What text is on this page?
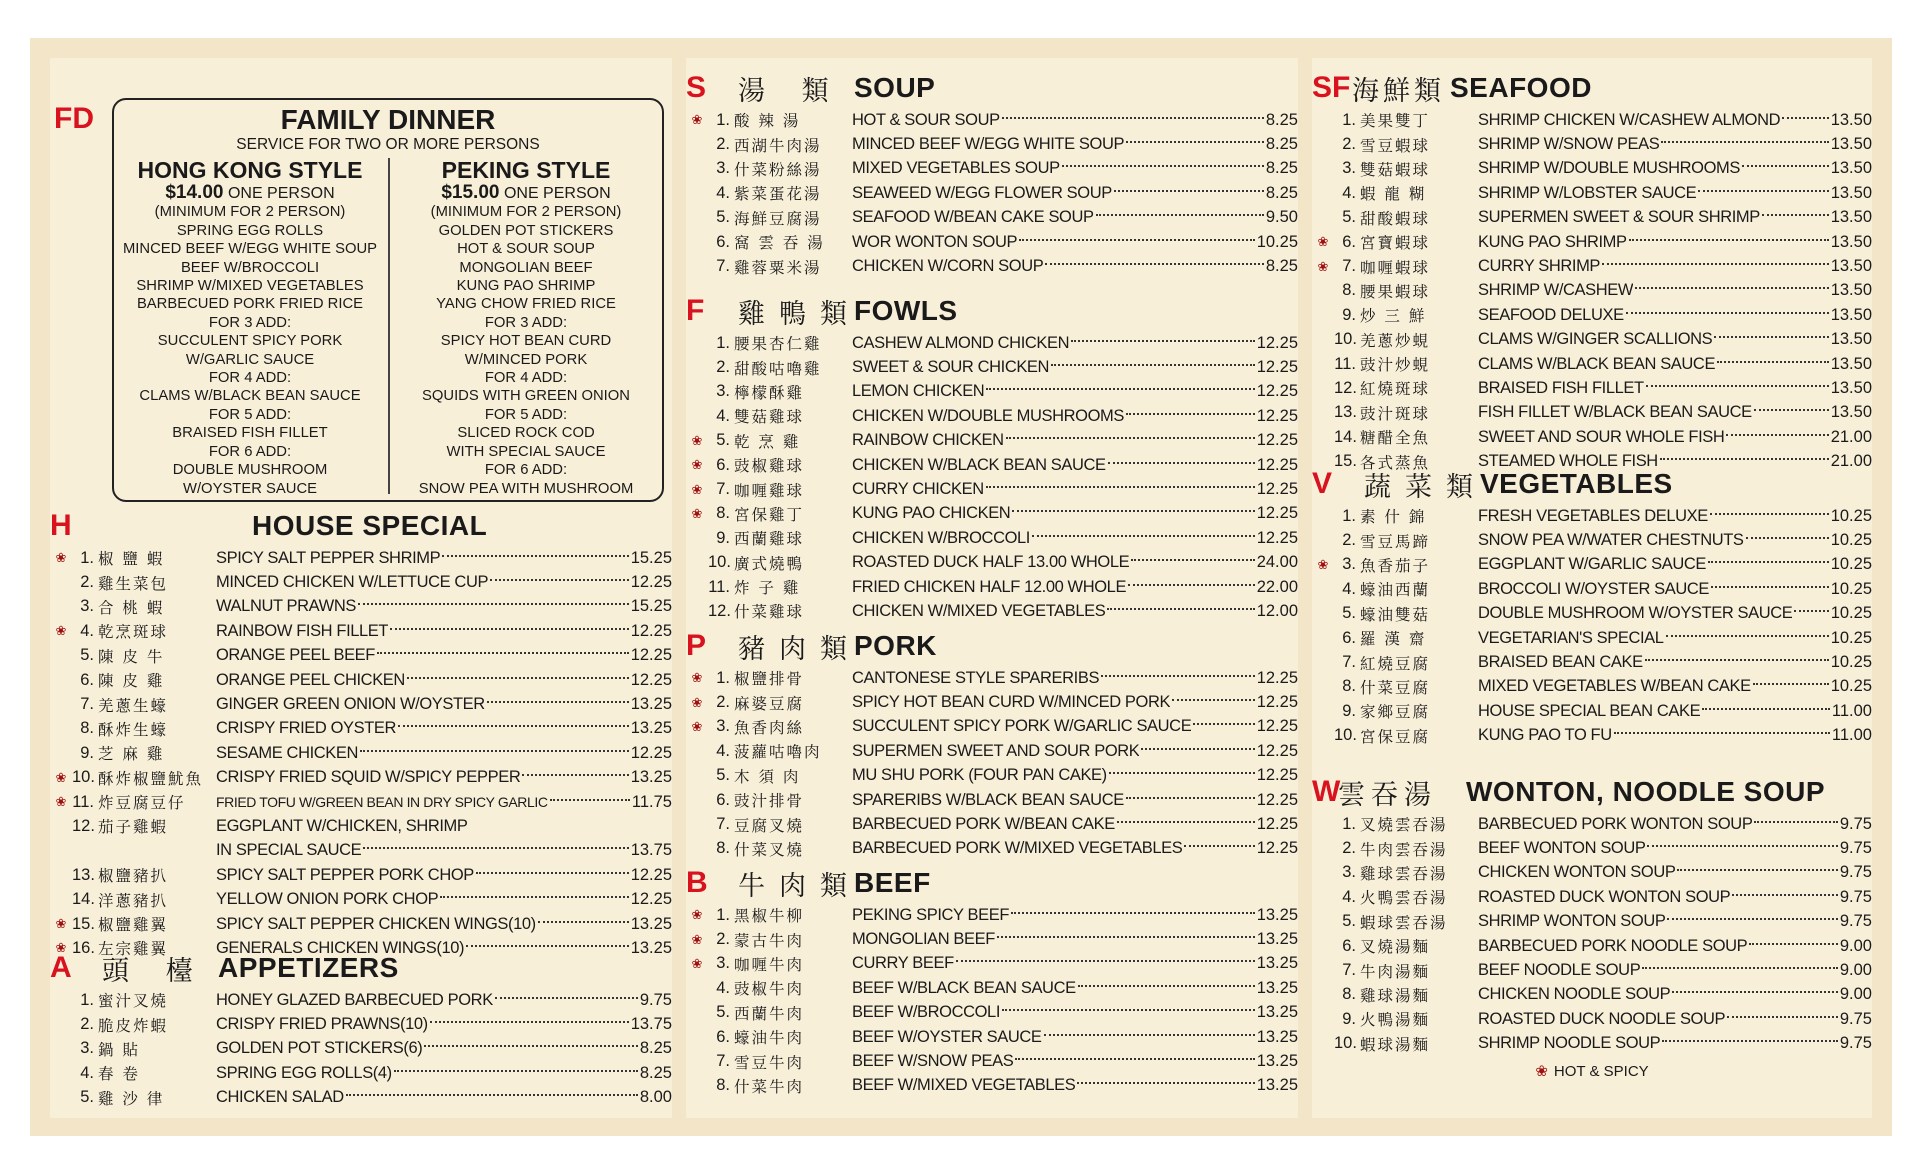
FD	FAMILY DINNER
SERVICE FOR TWO OR MORE PERSONS
HONG KONG STYLE
$14.00 ONE PERSON
(MINIMUM FOR 2 PERSON)
SPRING EGG ROLLS
MINCED BEEF W/EGG WHITE SOUP
BEEF W/BROCCOLI
SHRIMP W/MIXED VEGETABLES
BARBECUED PORK FRIED RICE
FOR 3 ADD:
SUCCULENT SPICY PORK
W/GARLIC SAUCE
FOR 4 ADD:
CLAMS W/BLACK BEAN SAUCE
FOR 5 ADD:
BRAISED FISH FILLET
FOR 6 ADD:
DOUBLE MUSHROOM
W/OYSTER SAUCE
PEKING STYLE
$15.00 ONE PERSON
(MINIMUM FOR 2 PERSON)
GOLDEN POT STICKERS
HOT & SOUR SOUP
MONGOLIAN BEEF
KUNG PAO SHRIMP
YANG CHOW FRIED RICE
FOR 3 ADD:
SPICY HOT BEAN CURD
W/MINCED PORK
FOR 4 ADD:
SQUIDS WITH GREEN ONION
FOR 5 ADD:
SLICED ROCK COD
WITH SPECIAL SAUCE
FOR 6 ADD:
SNOW PEA WITH MUSHROOM
H	HOUSE SPECIAL
❀ 1. 椒 鹽 蝦	SPICY SALT PEPPER SHRIMP	15.25
2. 雞生菜包	MINCED CHICKEN W/LETTUCE CUP	12.25
3. 合 桃 蝦	WALNUT PRAWNS	15.25
❀ 4. 乾烹斑球	RAINBOW FISH FILLET	12.25
5. 陳 皮 牛	ORANGE PEEL BEEF	12.25
6. 陳 皮 雞	ORANGE PEEL CHICKEN	12.25
7. 羌蔥生蠔	GINGER GREEN ONION W/OYSTER	13.25
8. 酥炸生蠔	CRISPY FRIED OYSTER	13.25
9. 芝 麻 雞	SESAME CHICKEN	12.25
❀ 10. 酥炸椒鹽魷魚 CRISPY FRIED SQUID W/SPICY PEPPER	13.25
❀ 11. 炸豆腐豆仔	FRIED TOFU W/GREEN BEAN IN DRY SPICY GARLIC	11.75
12. 茄子雞蝦	EGGPLANT W/CHICKEN, SHRIMP
IN SPECIAL SAUCE	13.75
13. 椒鹽豬扒	SPICY SALT PEPPER PORK CHOP	12.25
14. 洋蔥豬扒	YELLOW ONION PORK CHOP	12.25
❀ 15. 椒鹽雞翼	SPICY SALT PEPPER CHICKEN WINGS(10)	13.25
❀ 16. 左宗雞翼	GENERALS CHICKEN WINGS(10)	13.25
A	頭 檯 APPETIZERS
1. 蜜汁叉燒	HONEY GLAZED BARBECUED PORK	9.75
2. 脆皮炸蝦	CRISPY FRIED PRAWNS(10)	13.75
3. 鍋 貼	GOLDEN POT STICKERS(6)	8.25
4. 春 卷	SPRING EGG ROLLS(4)	8.25
5. 雞 沙 律	CHICKEN SALAD	8.00
S	湯 類 SOUP
❀ 1. 酸 辣 湯	HOT & SOUR SOUP	8.25
2. 西湖牛肉湯	MINCED BEEF W/EGG WHITE SOUP	8.25
3. 什菜粉絲湯	MIXED VEGETABLES SOUP	8.25
4. 紫菜蛋花湯	SEAWEED W/EGG FLOWER SOUP	8.25
5. 海鮮豆腐湯	SEAFOOD W/BEAN CAKE SOUP	9.50
6. 窩 雲 吞 湯	WOR WONTON SOUP	10.25
7. 雞蓉粟米湯	CHICKEN W/CORN SOUP	8.25
F	雞鴨類
FOWLS
1. 腰果杏仁雞	CASHEW ALMOND CHICKEN	12.25
2. 甜酸咕嚕雞	SWEET & SOUR CHICKEN	12.25
3. 檸檬酥雞	LEMON CHICKEN	12.25
4. 雙菇雞球	CHICKEN W/DOUBLE MUSHROOMS	12.25
❀ 5. 乾 烹 雞	RAINBOW CHICKEN	12.25
❀ 6. 豉椒雞球	CHICKEN W/BLACK BEAN SAUCE	12.25
❀ 7. 咖喱雞球	CURRY CHICKEN	12.25
❀ 8. 宮保雞丁	KUNG PAO CHICKEN	12.25
9. 西蘭雞球	CHICKEN W/BROCCOLI	12.25
10. 廣式燒鴨	ROASTED DUCK HALF 13.00 WHOLE	24.00
11. 炸 子 雞	FRIED CHICKEN HALF 12.00 WHOLE	22.00
12. 什菜雞球	CHICKEN W/MIXED VEGETABLES	12.00
P	豬肉類
PORK
❀ 1. 椒鹽排骨	CANTONESE STYLE SPARERIBS	12.25
❀ 2. 麻婆豆腐	SPICY HOT BEAN CURD W/MINCED PORK	12.25
❀ 3. 魚香肉絲	SUCCULENT SPICY PORK W/GARLIC SAUCE	12.25
4. 菠蘿咕嚕肉	SUPERMEN SWEET AND SOUR PORK	12.25
5. 木 須 肉	MU SHU PORK (FOUR PAN CAKE)	12.25
6. 豉汁排骨	SPARERIBS W/BLACK BEAN SAUCE	12.25
7. 豆腐叉燒	BARBECUED PORK W/BEAN CAKE	12.25
8. 什菜叉燒	BARBECUED PORK W/MIXED VEGETABLES	12.25
B	牛肉類
BEEF
❀ 1. 黑椒牛柳	PEKING SPICY BEEF	13.25
❀ 2. 蒙古牛肉	MONGOLIAN BEEF	13.25
❀ 3. 咖喱牛肉	CURRY BEEF	13.25
4. 豉椒牛肉	BEEF W/BLACK BEAN SAUCE	13.25
5. 西蘭牛肉	BEEF W/BROCCOLI	13.25
6. 蠔油牛肉	BEEF W/OYSTER SAUCE	13.25
7. 雪豆牛肉	BEEF W/SNOW PEAS	13.25
8. 什菜牛肉	BEEF W/MIXED VEGETABLES	13.25
SF 海鮮類 SEAFOOD
1. 美果雙丁	SHRIMP CHICKEN W/CASHEW ALMOND	13.50
2. 雪豆蝦球	SHRIMP W/SNOW PEAS	13.50
3. 雙菇蝦球	SHRIMP W/DOUBLE MUSHROOMS	13.50
4. 蝦 龍 糊	SHRIMP W/LOBSTER SAUCE	13.50
5. 甜酸蝦球	SUPERMEN SWEET & SOUR SHRIMP	13.50
❀ 6. 宮寶蝦球	KUNG PAO SHRIMP	13.50
❀ 7. 咖喱蝦球	CURRY SHRIMP	13.50
8. 腰果蝦球	SHRIMP W/CASHEW	13.50
9. 炒 三 鮮	SEAFOOD DELUXE	13.50
10. 羌蔥炒蜆	CLAMS W/GINGER SCALLIONS	13.50
11. 豉汁炒蜆	CLAMS W/BLACK BEAN SAUCE	13.50
12. 紅燒斑球	BRAISED FISH FILLET	13.50
13. 豉汁斑球	FISH FILLET W/BLACK BEAN SAUCE	13.50
14. 糖醋全魚	SWEET AND SOUR WHOLE FISH	21.00
15. 各式蒸魚	STEAMED WHOLE FISH	21.00
V	蔬菜類
VEGETABLES
1. 素 什 錦	FRESH VEGETABLES DELUXE	10.25
2. 雪豆馬蹄	SNOW PEA W/WATER CHESTNUTS	10.25
❀ 3. 魚香茄子	EGGPLANT W/GARLIC SAUCE	10.25
4. 蠔油西蘭	BROCCOLI W/OYSTER SAUCE	10.25
5. 蠔油雙菇	DOUBLE MUSHROOM W/OYSTER SAUCE 10.25
6. 羅 漢 齋	VEGETARIAN'S SPECIAL	10.25
7. 紅燒豆腐	BRAISED BEAN CAKE	10.25
8. 什菜豆腐	MIXED VEGETABLES W/BEAN CAKE	10.25
9. 家鄉豆腐	HOUSE SPECIAL BEAN CAKE	11.00
10. 宮保豆腐	KUNG PAO TO FU	11.00
W
雲吞湯	WONTON, NOODLE SOUP
1. 叉燒雲吞湯	BARBECUED PORK WONTON SOUP	9.75
2. 牛肉雲吞湯	BEEF WONTON SOUP	9.75
3. 雞球雲吞湯	CHICKEN WONTON SOUP	9.75
4. 火鴨雲吞湯	ROASTED DUCK WONTON SOUP	9.75
5. 蝦球雲吞湯	SHRIMP WONTON SOUP	9.75
6. 叉燒湯麵	BARBECUED PORK NOODLE SOUP	9.00
7. 牛肉湯麵	BEEF NOODLE SOUP	9.00
8. 雞球湯麵	CHICKEN NOODLE SOUP	9.00
9. 火鴨湯麵	ROASTED DUCK NOODLE SOUP	9.75
10. 蝦球湯麵	SHRIMP NOODLE SOUP	9.75
❀ HOT & SPICY
